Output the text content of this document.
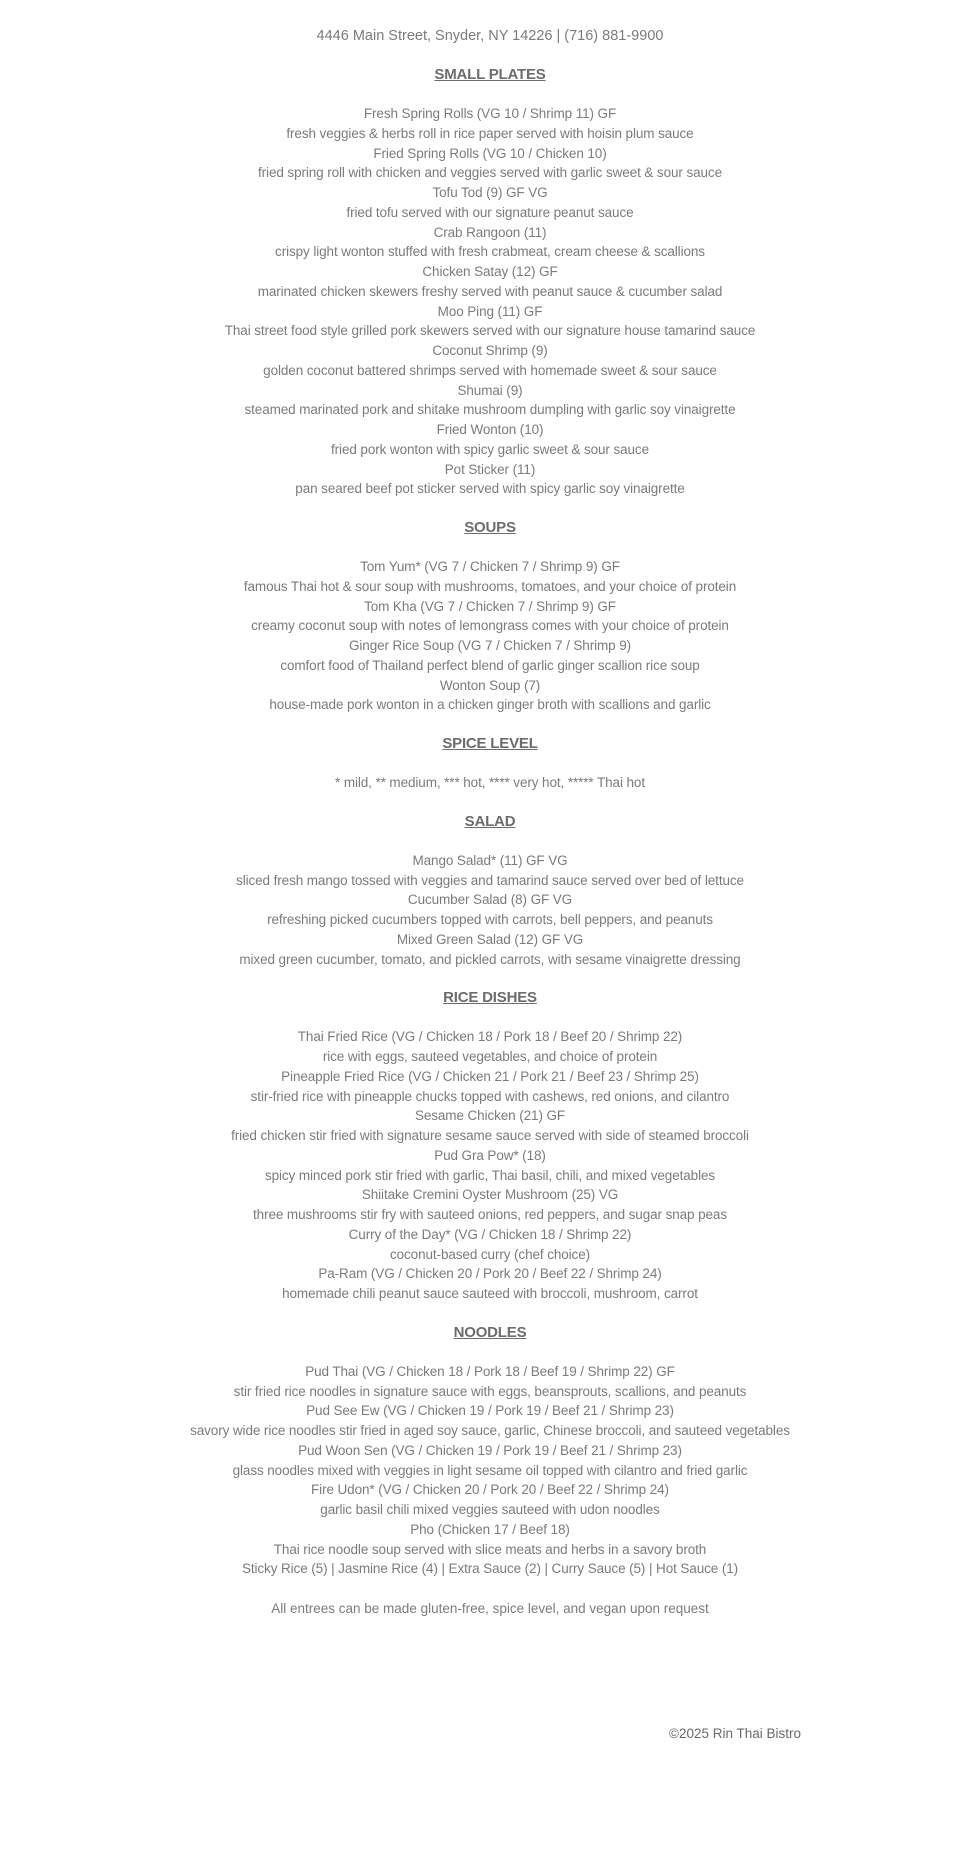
4446 Main Street, Snyder, NY 14226 | (716) 881-9900

SMALL PLATES
Fresh Spring Rolls (VG 10 / Shrimp 11) GF
fresh veggies & herbs roll in rice paper served with hoisin plum sauce
Fried Spring Rolls (VG 10 / Chicken 10)
fried spring roll with chicken and veggies served with garlic sweet & sour sauce
Tofu Tod (9) GF VG
fried tofu served with our signature peanut sauce
Crab Rangoon (11)
crispy light wonton stuffed with fresh crabmeat, cream cheese & scallions
Chicken Satay (12) GF
marinated chicken skewers freshy served with peanut sauce & cucumber salad
Moo Ping (11) GF
Thai street food style grilled pork skewers served with our signature house tamarind sauce
Coconut Shrimp (9)
golden coconut battered shrimps served with homemade sweet & sour sauce
Shumai (9)
steamed marinated pork and shitake mushroom dumpling with garlic soy vinaigrette
Fried Wonton (10)
fried pork wonton with spicy garlic sweet & sour sauce
Pot Sticker (11)
pan seared beef pot sticker served with spicy garlic soy vinaigrette
SOUPS
Tom Yum* (VG 7 / Chicken 7 / Shrimp 9) GF
famous Thai hot & sour soup with mushrooms, tomatoes, and your choice of protein
Tom Kha (VG 7 / Chicken 7 / Shrimp 9) GF
creamy coconut soup with notes of lemongrass comes with your choice of protein
Ginger Rice Soup (VG 7 / Chicken 7 / Shrimp 9)
comfort food of Thailand perfect blend of garlic ginger scallion rice soup
Wonton Soup (7)
house-made pork wonton in a chicken ginger broth with scallions and garlic
SPICE LEVEL
* mild, ** medium, *** hot, **** very hot, ***** Thai hot
SALAD
Mango Salad* (11) GF VG
sliced fresh mango tossed with veggies and tamarind sauce served over bed of lettuce
Cucumber Salad (8) GF VG
refreshing picked cucumbers topped with carrots, bell peppers, and peanuts
Mixed Green Salad (12) GF VG
mixed green cucumber, tomato, and pickled carrots, with sesame vinaigrette dressing
RICE DISHES
Thai Fried Rice (VG / Chicken 18 / Pork 18 / Beef 20 / Shrimp 22)
rice with eggs, sauteed vegetables, and choice of protein
Pineapple Fried Rice (VG / Chicken 21 / Pork 21 / Beef 23 / Shrimp 25)
stir-fried rice with pineapple chucks topped with cashews, red onions, and cilantro
Sesame Chicken (21) GF
fried chicken stir fried with signature sesame sauce served with side of steamed broccoli
Pud Gra Pow* (18)
spicy minced pork stir fried with garlic, Thai basil, chili, and mixed vegetables
Shiitake Cremini Oyster Mushroom (25) VG
three mushrooms stir fry with sauteed onions, red peppers, and sugar snap peas
Curry of the Day* (VG / Chicken 18 / Shrimp 22)
coconut-based curry (chef choice)
Pa-Ram (VG / Chicken 20 / Pork 20 / Beef 22 / Shrimp 24)
homemade chili peanut sauce sauteed with broccoli, mushroom, carrot
NOODLES
Pud Thai (VG / Chicken 18 / Pork 18 / Beef 19 / Shrimp 22) GF
stir fried rice noodles in signature sauce with eggs, beansprouts, scallions, and peanuts
Pud See Ew (VG / Chicken 19 / Pork 19 / Beef 21 / Shrimp 23)
savory wide rice noodles stir fried in aged soy sauce, garlic, Chinese broccoli, and sauteed vegetables
Pud Woon Sen (VG / Chicken 19 / Pork 19 / Beef 21 / Shrimp 23)
glass noodles mixed with veggies in light sesame oil topped with cilantro and fried garlic
Fire Udon* (VG / Chicken 20 / Pork 20 / Beef 22 / Shrimp 24)
garlic basil chili mixed veggies sauteed with udon noodles
Pho (Chicken 17 / Beef 18)
Thai rice noodle soup served with slice meats and herbs in a savory broth
Sticky Rice (5) | Jasmine Rice (4) | Extra Sauce (2) | Curry Sauce (5) | Hot Sauce (1)

All entrees can be made gluten-free, spice level, and vegan upon request

©2025 Rin Thai Bistro
